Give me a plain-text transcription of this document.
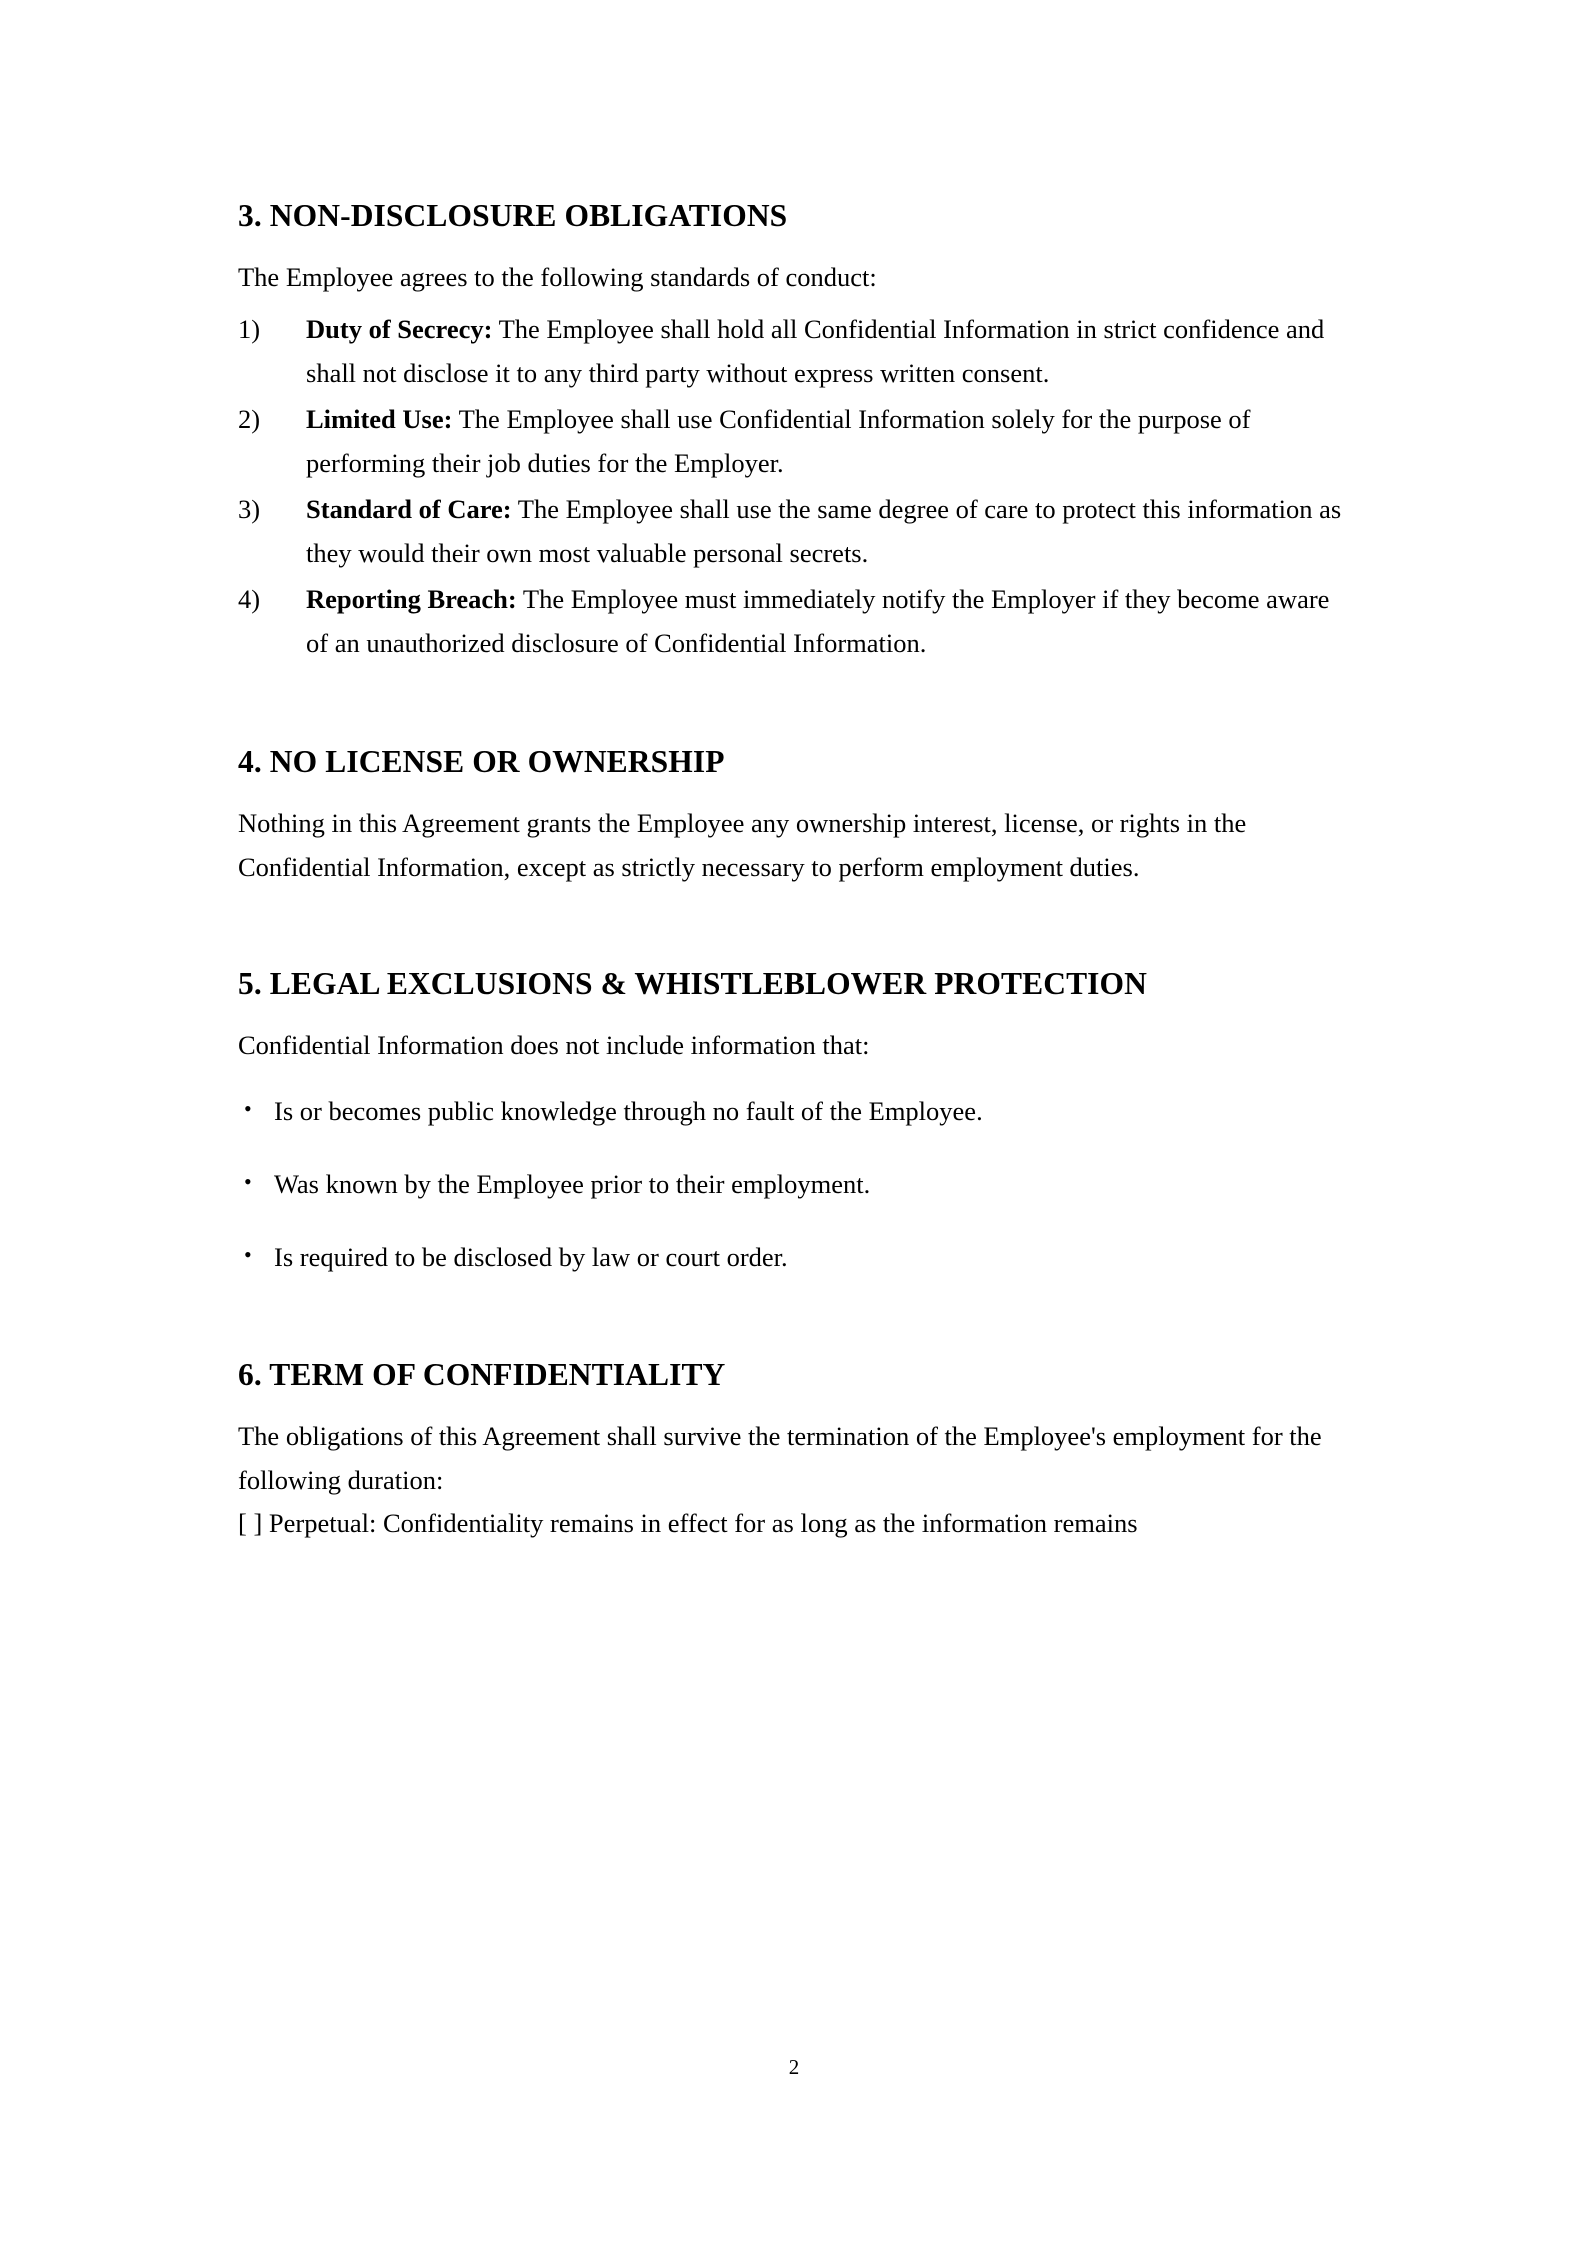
3. NON-DISCLOSURE OBLIGATIONS

The Employee agrees to the following standards of conduct:

1)	Duty of Secrecy: The Employee shall hold all Confidential Information in strict confidence and shall not disclose it to any third party without express written consent.
2)	Limited Use: The Employee shall use Confidential Information solely for the purpose of performing their job duties for the Employer.
3)	Standard of Care: The Employee shall use the same degree of care to protect this information as they would their own most valuable personal secrets.
4)	Reporting Breach: The Employee must immediately notify the Employer if they become aware of an unauthorized disclosure of Confidential Information.
4. NO LICENSE OR OWNERSHIP

Nothing in this Agreement grants the Employee any ownership interest, license, or rights in the Confidential Information, except as strictly necessary to perform employment duties.

5. LEGAL EXCLUSIONS & WHISTLEBLOWER PROTECTION

Confidential Information does not include information that:

• Is or becomes public knowledge through no fault of the Employee.
• Was known by the Employee prior to their employment.
• Is required to be disclosed by law or court order.
6. TERM OF CONFIDENTIALITY

The obligations of this Agreement shall survive the termination of the Employee's employment for the following duration:

[ ] Perpetual: Confidentiality remains in effect for as long as the information remains

2
